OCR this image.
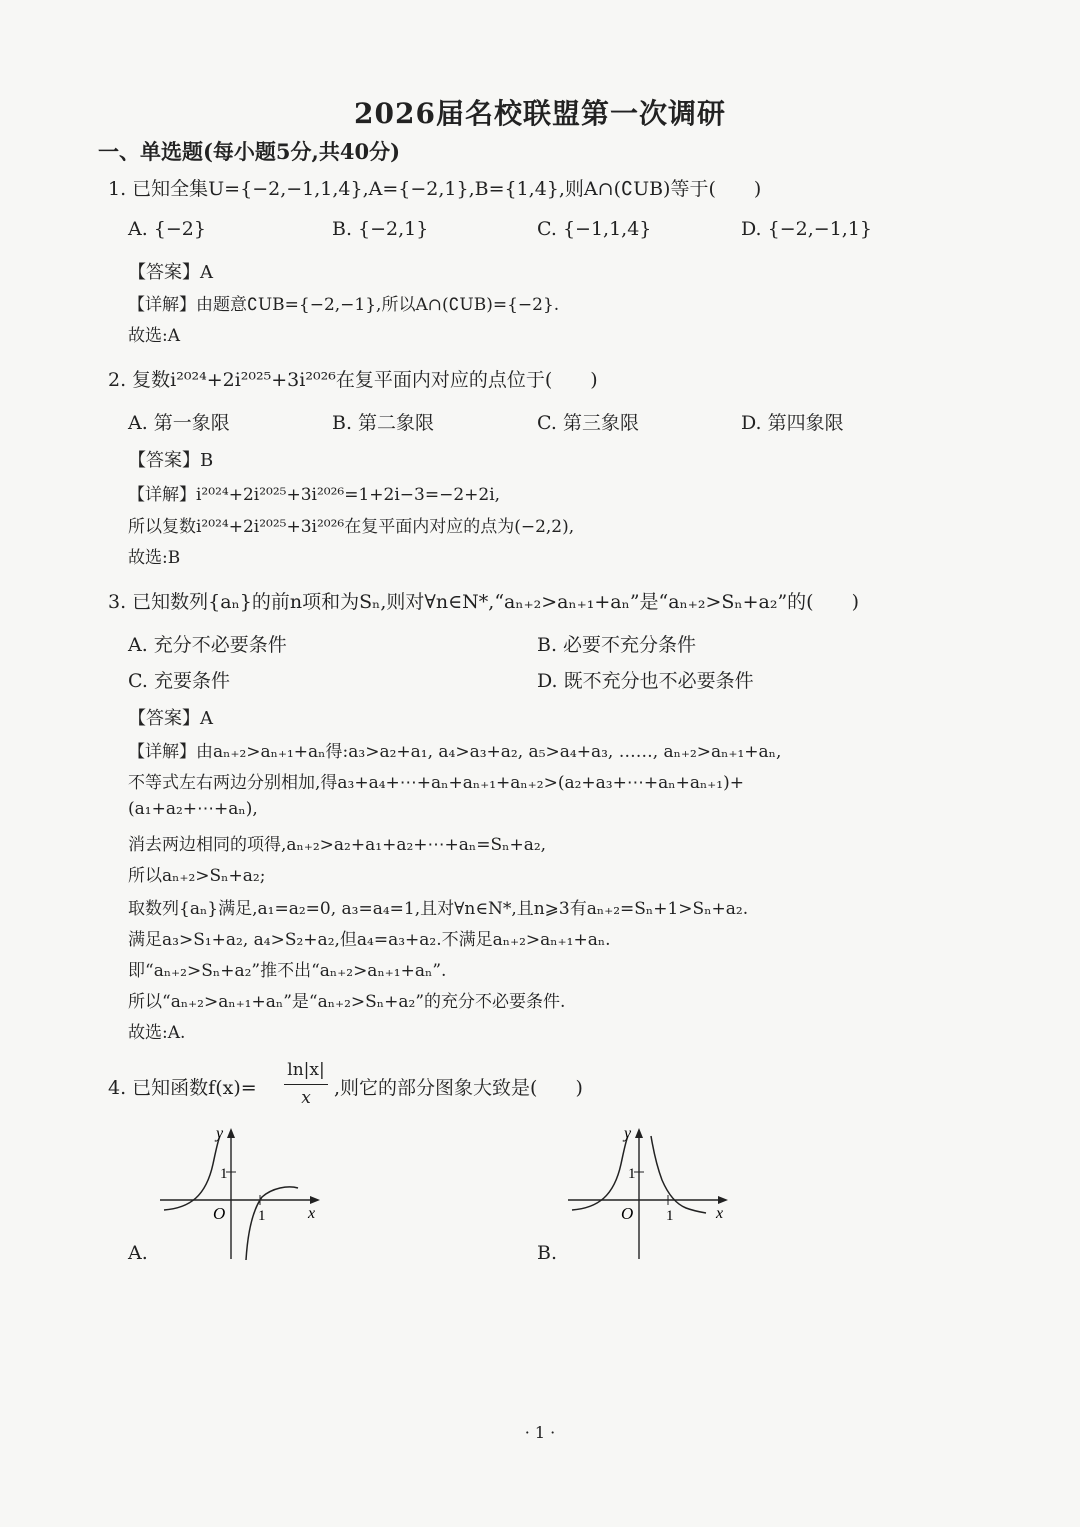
2026届名校联盟第一次调研
一、单选题(每小题5分,共40分)
1. 已知全集U={−2,−1,1,4},A={−2,1},B={1,4},则A∩(∁UB)等于(　　)
A. {−2}	B. {−2,1}	C. {−1,1,4}	D. {−2,−1,1}
【答案】A
【详解】由题意∁UB={−2,−1},所以A∩(∁UB)={−2}.
故选:A
2. 复数i²⁰²⁴+2i²⁰²⁵+3i²⁰²⁶在复平面内对应的点位于(　　)
A. 第一象限	B. 第二象限	C. 第三象限	D. 第四象限
【答案】B
【详解】i²⁰²⁴+2i²⁰²⁵+3i²⁰²⁶=1+2i−3=−2+2i,
所以复数i²⁰²⁴+2i²⁰²⁵+3i²⁰²⁶在复平面内对应的点为(−2,2),
故选:B
3. 已知数列{aₙ}的前n项和为Sₙ,则对∀n∈N*,“aₙ₊₂>aₙ₊₁+aₙ”是“aₙ₊₂>Sₙ+a₂”的(　　)
A. 充分不必要条件	B. 必要不充分条件
C. 充要条件	D. 既不充分也不必要条件
【答案】A
【详解】由aₙ₊₂>aₙ₊₁+aₙ得:a₃>a₂+a₁, a₄>a₃+a₂, a₅>a₄+a₃, ……, aₙ₊₂>aₙ₊₁+aₙ,
不等式左右两边分别相加,得a₃+a₄+⋯+aₙ+aₙ₊₁+aₙ₊₂>(a₂+a₃+⋯+aₙ+aₙ₊₁)+
(a₁+a₂+⋯+aₙ),
消去两边相同的项得,aₙ₊₂>a₂+a₁+a₂+⋯+aₙ=Sₙ+a₂,
所以aₙ₊₂>Sₙ+a₂;
取数列{aₙ}满足,a₁=a₂=0, a₃=a₄=1,且对∀n∈N*,且n⩾3有aₙ₊₂=Sₙ+1>Sₙ+a₂.
满足a₃>S₁+a₂, a₄>S₂+a₂,但a₄=a₃+a₂.不满足aₙ₊₂>aₙ₊₁+aₙ.
即“aₙ₊₂>Sₙ+a₂”推不出“aₙ₊₂>aₙ₊₁+aₙ”.
所以“aₙ₊₂>aₙ₊₁+aₙ”是“aₙ₊₂>Sₙ+a₂”的充分不必要条件.
故选:A.
4. 已知函数f(x)=
ln|x|
x	,则它的部分图象大致是(　　)
A.
y
x
O
1
1
B.
y
x
O
1
1
· 1 ·
